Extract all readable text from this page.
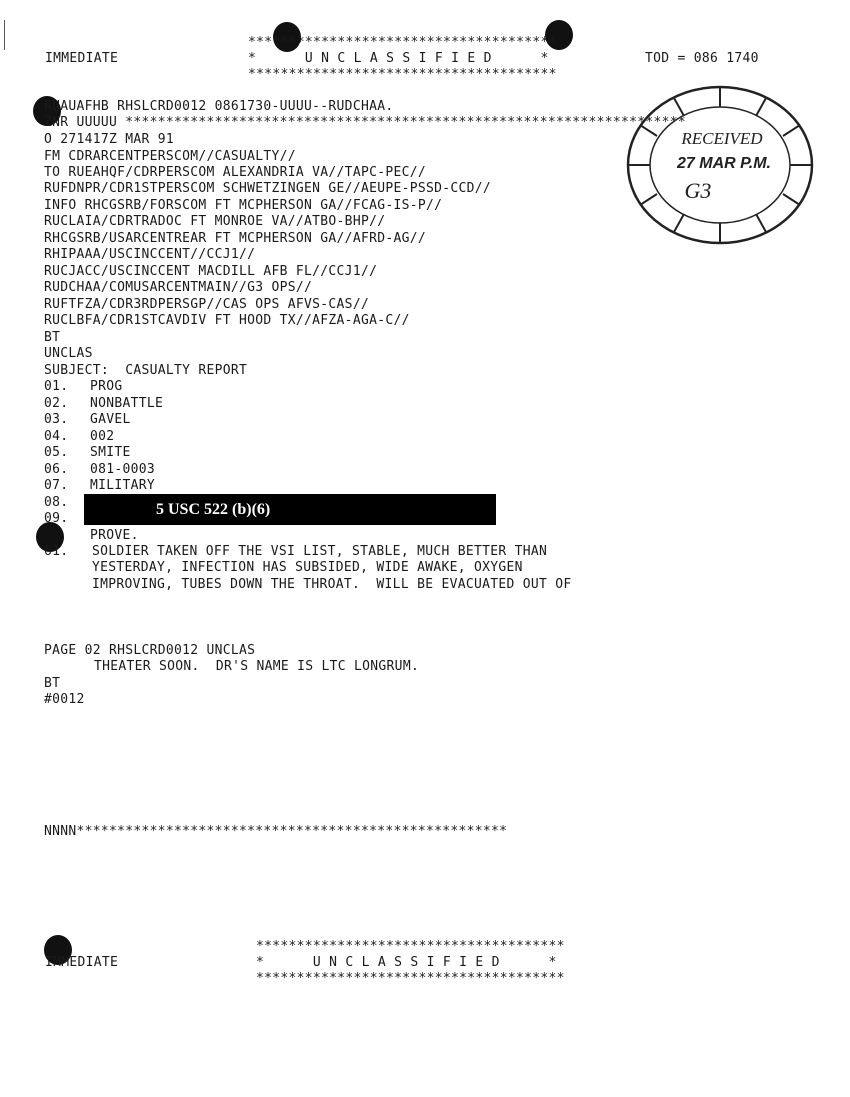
IMMEDIATE
**************************************
*      U N C L A S S I F I E D      *
**************************************
TOD = 086 1740
RUAUAFHB RHSLCRD0012 0861730-UUUU--RUDCHAA.
ZNR UUUUU *********************************************************************
O 271417Z MAR 91
FM CDRARCENTPERSCOM//CASUALTY//
TO RUEAHQF/CDRPERSCOM ALEXANDRIA VA//TAPC-PEC//
RUFDNPR/CDR1STPERSCOM SCHWETZINGEN GE//AEUPE-PSSD-CCD//
INFO RHCGSRB/FORSCOM FT MCPHERSON GA//FCAG-IS-P//
RUCLAIA/CDRTRADOC FT MONROE VA//ATBO-BHP//
RHCGSRB/USARCENTREAR FT MCPHERSON GA//AFRD-AG//
RHIPAAA/USCINCCENT//CCJ1//
RUCJACC/USCINCCENT MACDILL AFB FL//CCJ1//
RUDCHAA/COMUSARCENTMAIN//G3 OPS//
RUFTFZA/CDR3RDPERSGP//CAS OPS AFVS-CAS//
RUCLBFA/CDR1STCAVDIV FT HOOD TX//AFZA-AGA-C//
BT
UNCLAS
SUBJECT:  CASUALTY REPORT
01. PROG
02. NONBATTLE
03. GAVEL
04. 002
05. SMITE
06. 081-0003
07. MILITARY
08.
09.
PROVE.
5 USC 522 (b)(6)
61. SOLDIER TAKEN OFF THE VSI LIST, STABLE, MUCH BETTER THAN
YESTERDAY, INFECTION HAS SUBSIDED, WIDE AWAKE, OXYGEN
IMPROVING, TUBES DOWN THE THROAT.  WILL BE EVACUATED OUT OF
PAGE 02 RHSLCRD0012 UNCLAS
THEATER SOON.  DR'S NAME IS LTC LONGRUM.
BT
#0012
NNNN*****************************************************
IMMEDIATE
**************************************
*      U N C L A S S I F I E D      *
**************************************
RECEIVED
27 MAR P.M.
G3
